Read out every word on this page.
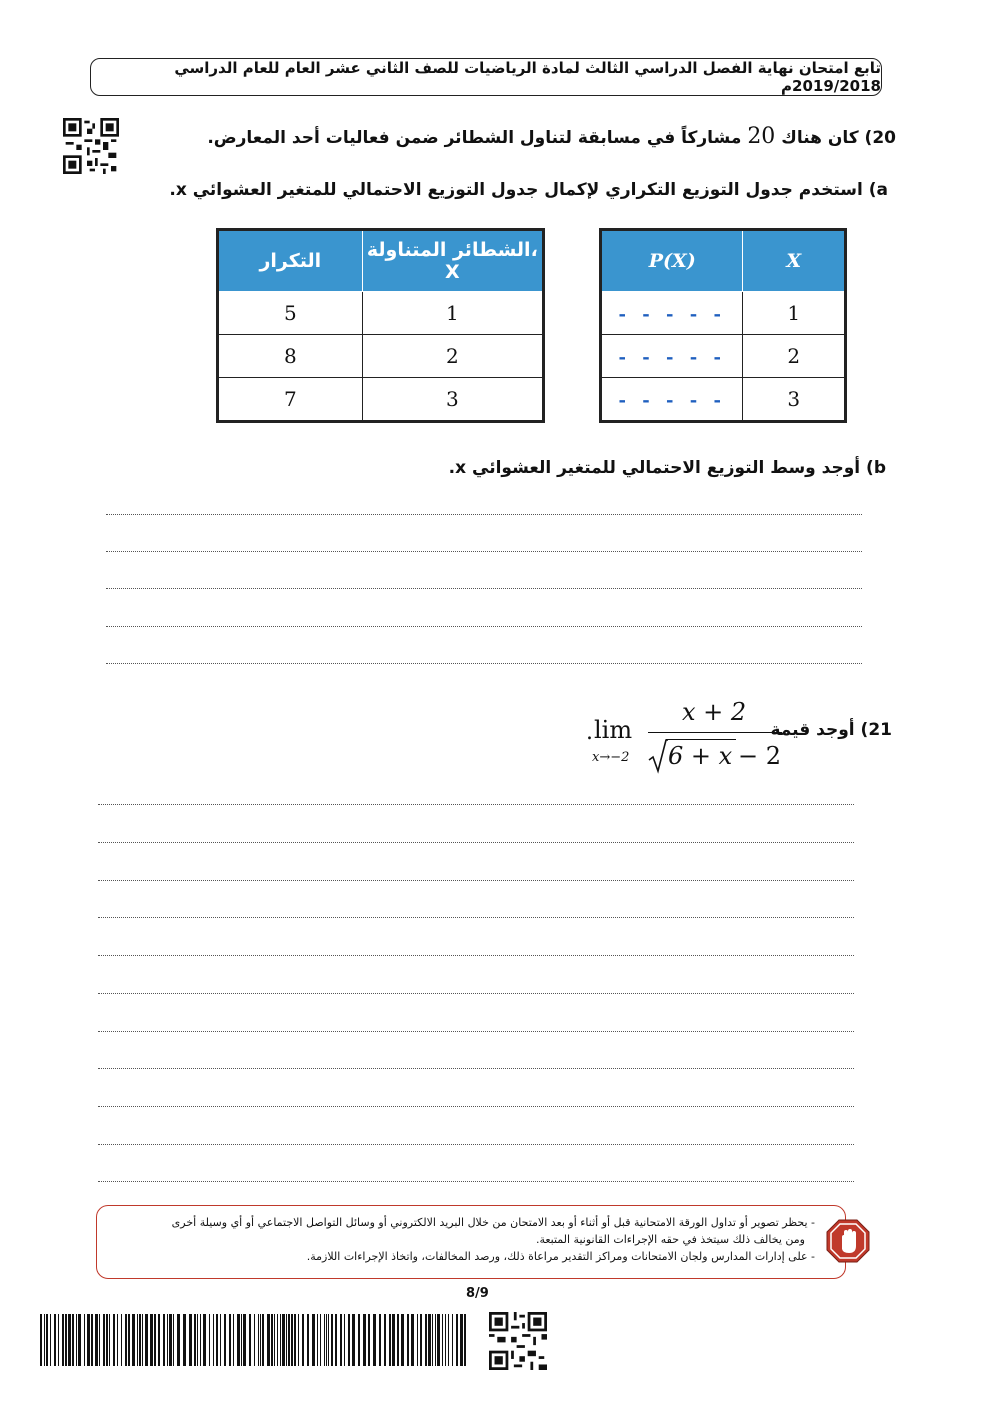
تابع امتحان نهاية الفصل الدراسي الثالث لمادة الرياضيات للصف الثاني عشر العام للعام الدراسي 2019/2018م
20) كان هناك 20 مشاركاً في مسابقة لتناول الشطائر ضمن فعاليات أحد المعارض.
a) استخدم جدول التوزيع التكراري لإكمال جدول التوزيع الاحتمالي للمتغير العشوائي x.
التكرار	الشطائر المتناولة، X
5	1
8	2
7	3
P(X)	X
- - - - -	1
- - - - -	2
- - - - -	3
b) أوجد وسط التوزيع الاحتمالي للمتغير العشوائي x.
21) أوجد قيمة
. lim
x→−2
x + 2
6 + x − 2
- يحظر تصوير أو تداول الورقة الامتحانية قبل أو أثناء أو بعد الامتحان من خلال البريد الالكتروني أو وسائل التواصل الاجتماعي أو أي وسيلة أخرى
ومن يخالف ذلك سيتخذ في حقه الإجراءات القانونية المتبعة.
- على إدارات المدارس ولجان الامتحانات ومراكز التقدير مراعاة ذلك، ورصد المخالفات، واتخاذ الإجراءات اللازمة.
8/9
